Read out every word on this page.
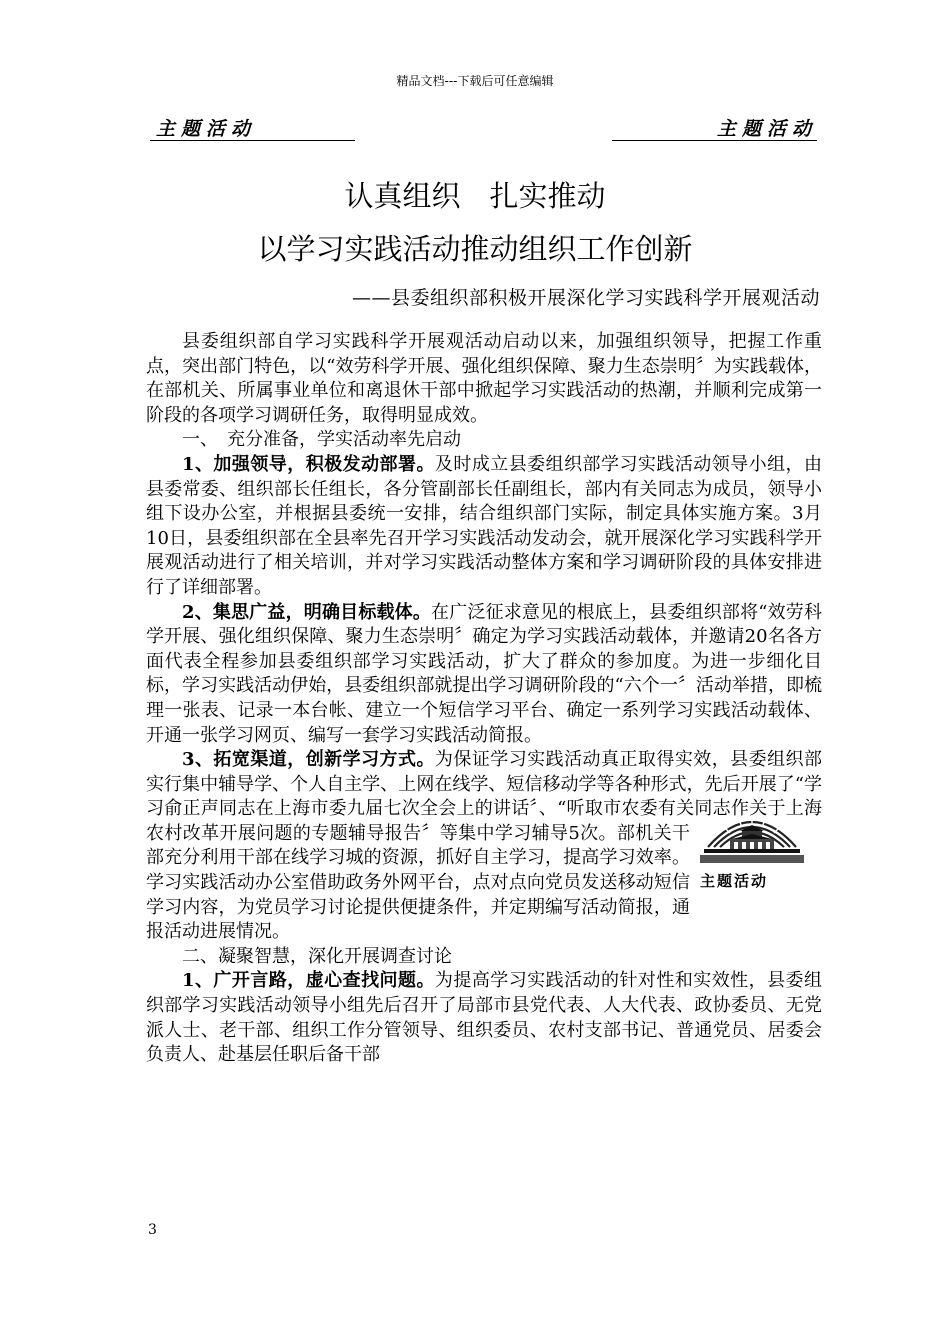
精品文档---下载后可任意编辑
主题活动	主题活动
认真组织　扎实推动
以学习实践活动推动组织工作创新
——县委组织部积极开展深化学习实践科学开展观活动

县委组织部自学习实践科学开展观活动启动以来，加强组织领导，把握工作重点，突出部门特色，以“效劳科学开展、强化组织保障、聚力生态崇明〞为实践载体，在部机关、所属事业单位和离退休干部中掀起学习实践活动的热潮，并顺利完成第一阶段的各项学习调研任务，取得明显成效。

一、　充分准备，学实活动率先启动

1、加强领导，积极发动部署。及时成立县委组织部学习实践活动领导小组，由县委常委、组织部长任组长，各分管副部长任副组长，部内有关同志为成员，领导小组下设办公室，并根据县委统一安排，结合组织部门实际，制定具体实施方案。3月10日，县委组织部在全县率先召开学习实践活动发动会，就开展深化学习实践科学开展观活动进行了相关培训，并对学习实践活动整体方案和学习调研阶段的具体安排进行了详细部署。

2、集思广益，明确目标载体。在广泛征求意见的根底上，县委组织部将“效劳科学开展、强化组织保障、聚力生态崇明〞确定为学习实践活动载体，并邀请20名各方面代表全程参加县委组织部学习实践活动，扩大了群众的参加度。为进一步细化目标，学习实践活动伊始，县委组织部就提出学习调研阶段的“六个一〞活动举措，即梳理一张表、记录一本台帐、建立一个短信学习平台、确定一系列学习实践活动载体、开通一张学习网页、编写一套学习实践活动简报。

3、拓宽渠道，创新学习方式。为保证学习实践活动真正取得实效，县委组织部实行集中辅导学、个人自主学、上网在线学、短信移动学等各种形式，先后开展了“学习俞正声同志在上海市委九届七次全会上的
主题活动
讲话〞、“听取市农委有关同志作关于上海农村改革开展问题的专题辅导报告〞等集中学习辅导5次。部机关干部充分利用干部在线学习城的资源，抓好自主学习，提高学习效率。学习实践活动办公室借助政务外网平台，点对点向党员发送移动短信学习内容，为党员学习讨论提供便捷条件，并定期编写活动简报，通报活动进展情况。

二、凝聚智慧，深化开展调查讨论

1、广开言路，虚心查找问题。为提高学习实践活动的针对性和实效性，县委组织部学习实践活动领导小组先后召开了局部市县党代表、人大代表、政协委员、无党派人士、老干部、组织工作分管领导、组织委员、农村支部书记、普通党员、居委会负责人、赴基层任职后备干部

3
